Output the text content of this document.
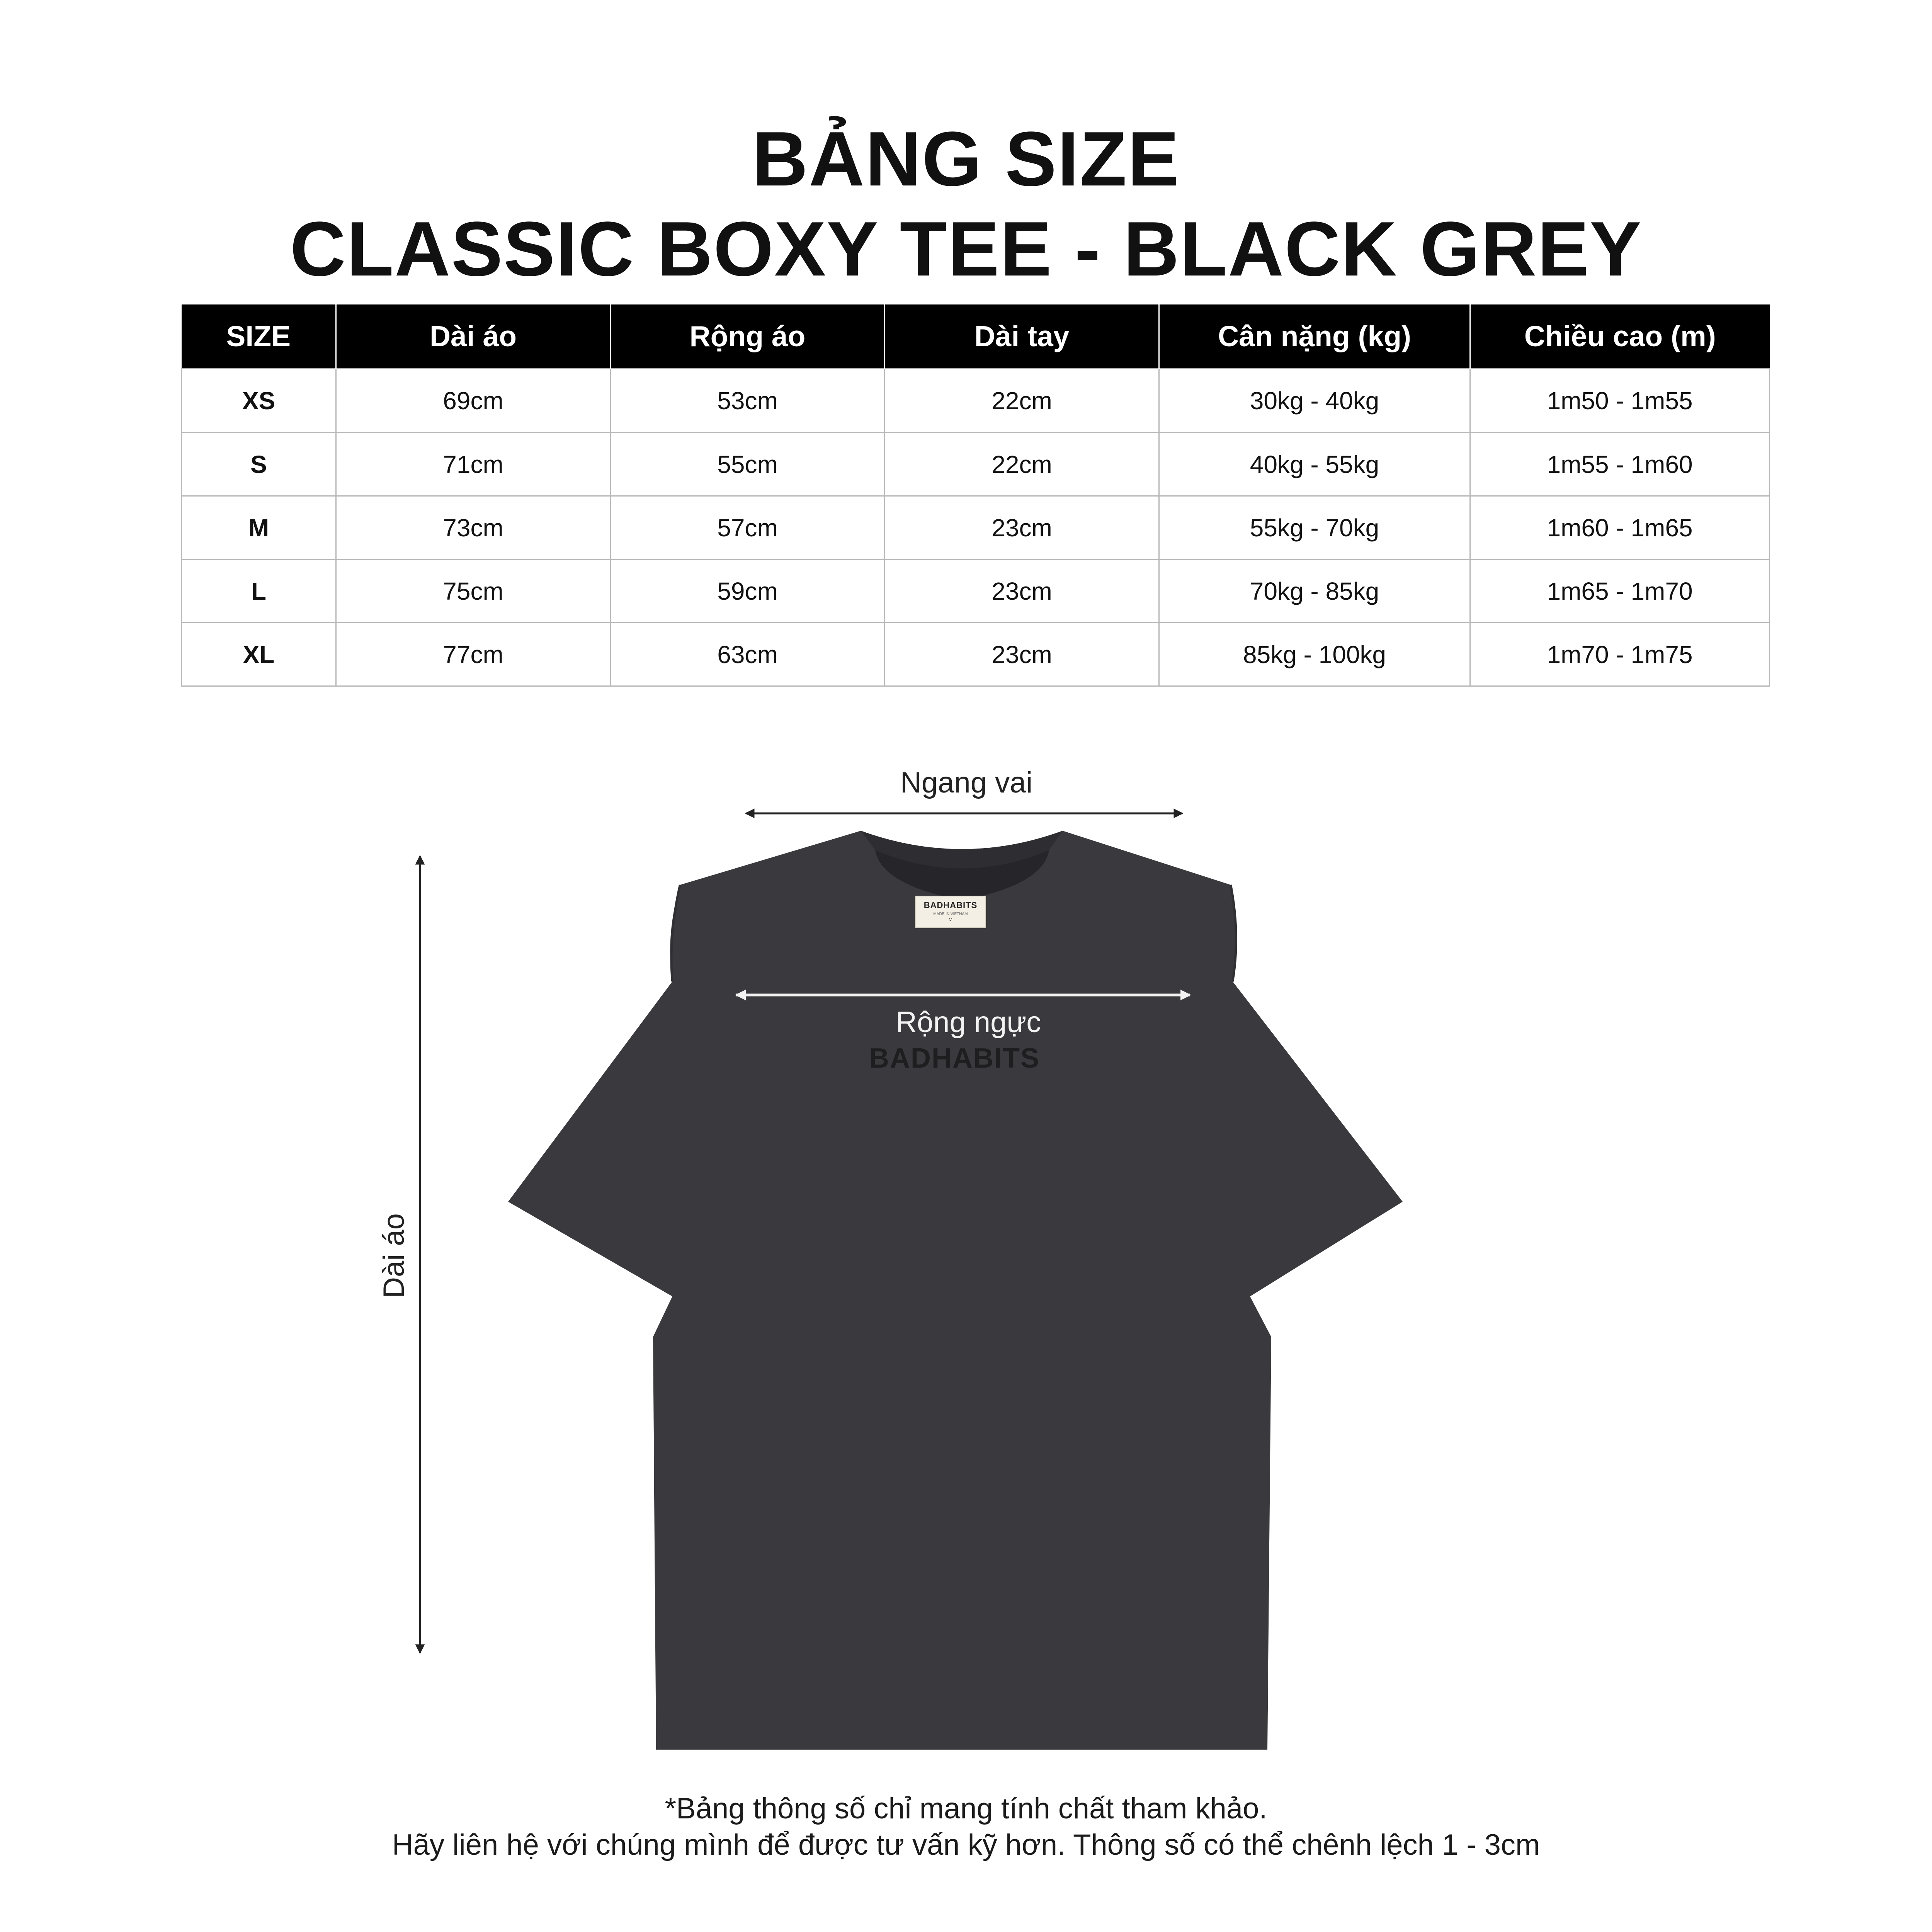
BẢNG SIZE
CLASSIC BOXY TEE - BLACK GREY
SIZE	Dài áo	Rộng áo	Dài tay	Cân nặng (kg)	Chiều cao (m)
XS	69cm	53cm	22cm	30kg - 40kg	1m50 - 1m55
S	71cm	55cm	22cm	40kg - 55kg	1m55 - 1m60
M	73cm	57cm	23cm	55kg - 70kg	1m60 - 1m65
L	75cm	59cm	23cm	70kg - 85kg	1m65 - 1m70
XL	77cm	63cm	23cm	85kg - 100kg	1m70 - 1m75
BADHABITS
MADE IN VIETNAM
M
BADHABITS
Ngang vai
Rộng ngực
Dài áo
*Bảng thông số chỉ mang tính chất tham khảo.
Hãy liên hệ với chúng mình để được tư vấn kỹ hơn. Thông số có thể chênh lệch 1 - 3cm
